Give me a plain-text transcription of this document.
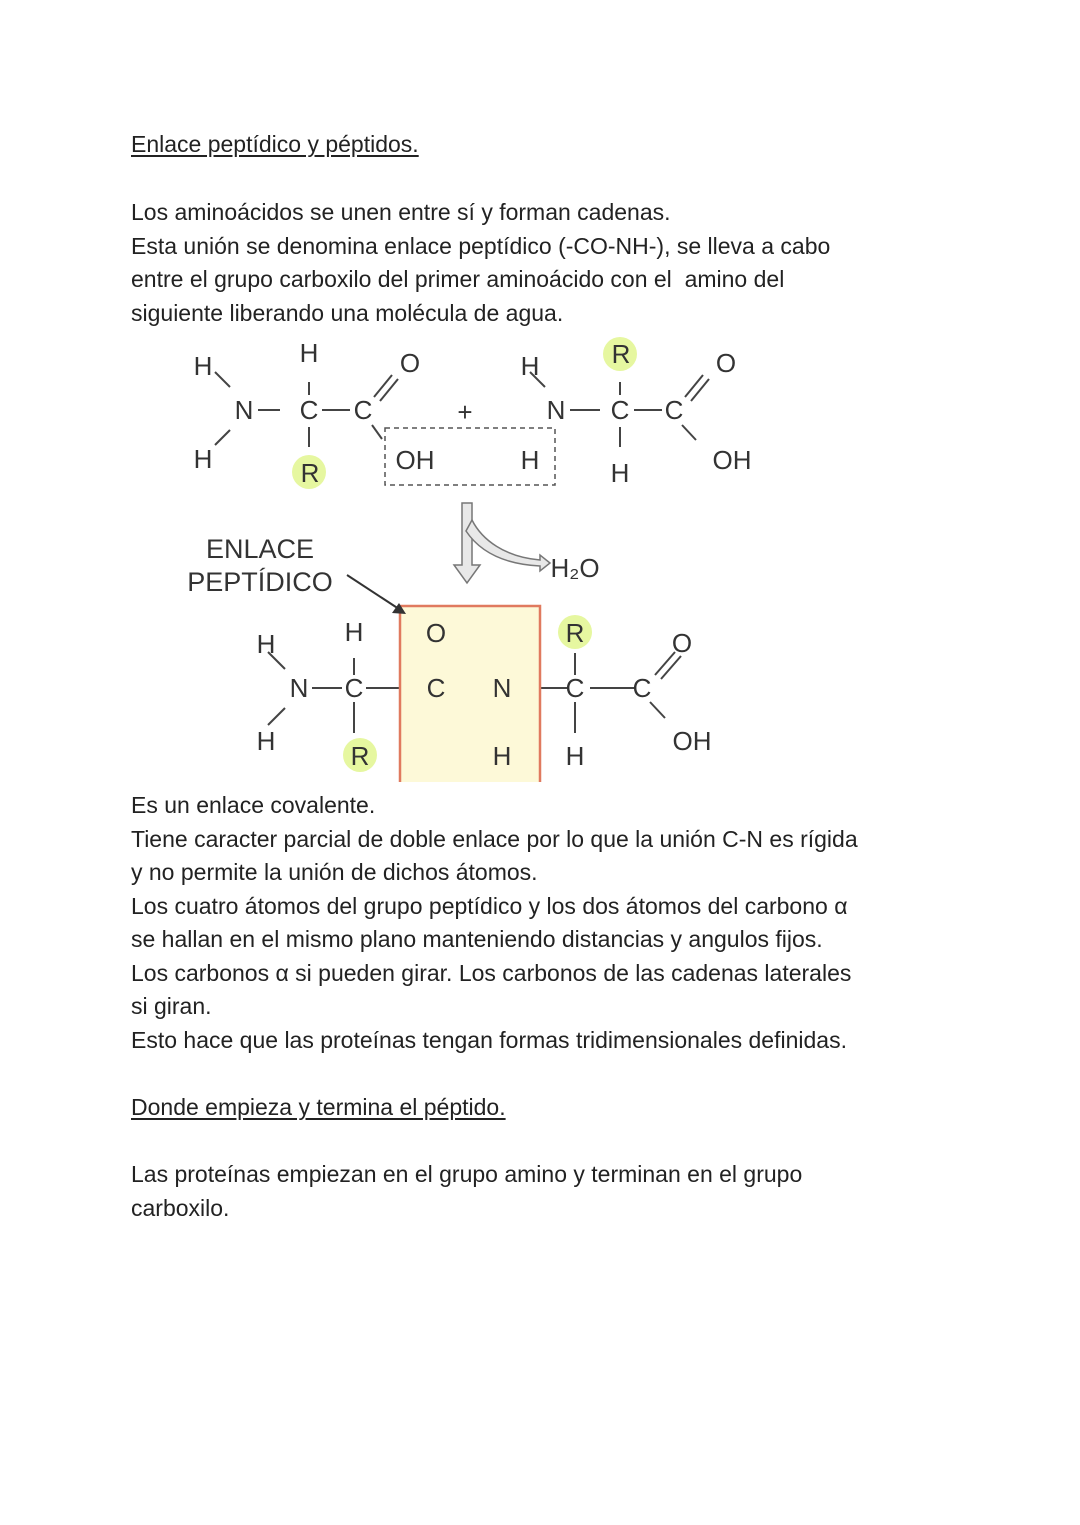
Enlace peptídico y péptidos.

Los aminoácidos se unen entre sí y forman cadenas.

Esta unión se denomina enlace peptídico (-CO-NH-), se lleva a cabo

entre el grupo carboxilo del primer aminoácido con el  amino del

siguiente liberando una molécula de agua.

H	H	O
N C C
H	R	OH
+
H	R	O
N C C
H	H	OH
H₂O
ENLACE
PEPTÍDICO
H	H O	R	O
N C C N C C
H	R	H H	OH

Es un enlace covalente.

Tiene caracter parcial de doble enlace por lo que la unión C-N es rígida

y no permite la unión de dichos átomos.

Los cuatro átomos del grupo peptídico y los dos átomos del carbono α

se hallan en el mismo plano manteniendo distancias y angulos fijos.

Los carbonos α si pueden girar. Los carbonos de las cadenas laterales

si giran.

Esto hace que las proteínas tengan formas tridimensionales definidas.

Donde empieza y termina el péptido.

Las proteínas empiezan en el grupo amino y terminan en el grupo

carboxilo.
